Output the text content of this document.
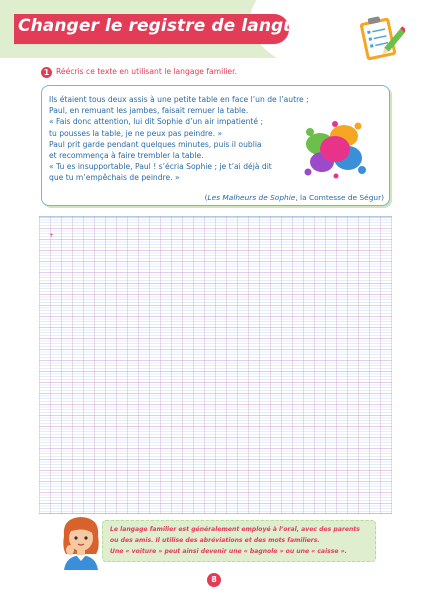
Changer le registre de langue
1 Réécris ce texte en utilisant le langage familier.
Ils étaient tous deux assis à une petite table en face l’un de l’autre ;
Paul, en remuant les jambes, faisait remuer la table.
« Fais donc attention, lui dit Sophie d’un air impatienté ;
tu pousses la table, je ne peux pas peindre. »
Paul prit garde pendant quelques minutes, puis il oublia
et recommença à faire trembler la table.
« Tu es insupportable, Paul ! s’écria Sophie ; je t’ai déjà dit
que tu m’empêchais de peindre. »
(Les Malheurs de Sophie, la Comtesse de Ségur)
+
Le langage familier est généralement employé à l’oral, avec des parents
ou des amis. Il utilise des abréviations et des mots familiers.
Une « voiture » peut ainsi devenir une « bagnole » ou une « caisse ».
8
